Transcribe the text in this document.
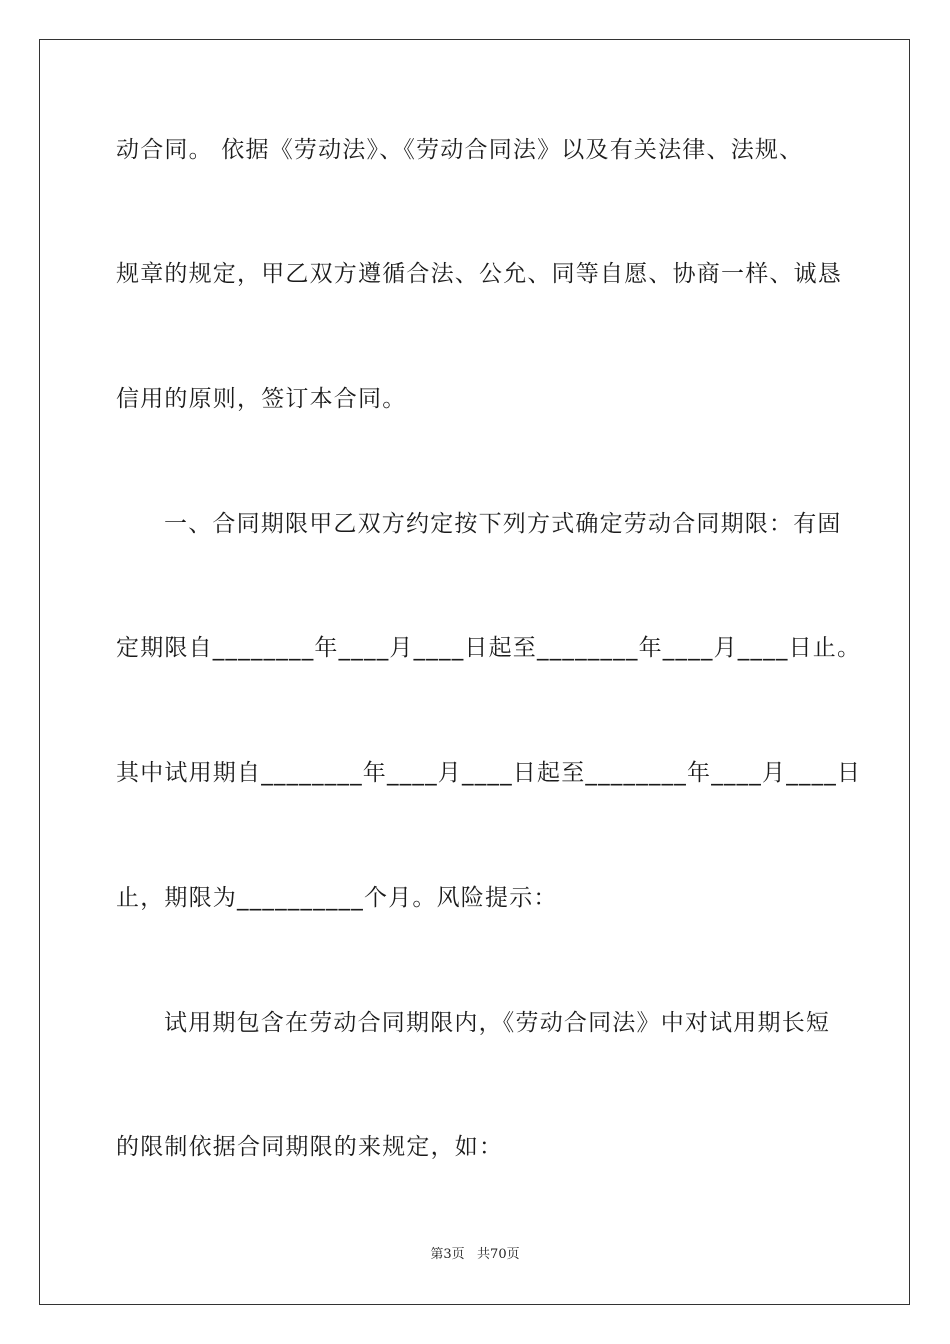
动合同。 依据《劳动法》、《劳动合同法》以及有关法律、法规、
规章的规定，甲乙双方遵循合法、公允、同等自愿、协商一样、诚恳
信用的原则，签订本合同。
一、合同期限甲乙双方约定按下列方式确定劳动合同期限：有固
定期限自________年____月____日起至________年____月____日止。
其中试用期自________年____月____日起至________年____月____日
止，期限为__________个月。风险提示：
试用期包含在劳动合同期限内，《劳动合同法》中对试用期长短
的限制依据合同期限的来规定，如：
第3页   共70页
